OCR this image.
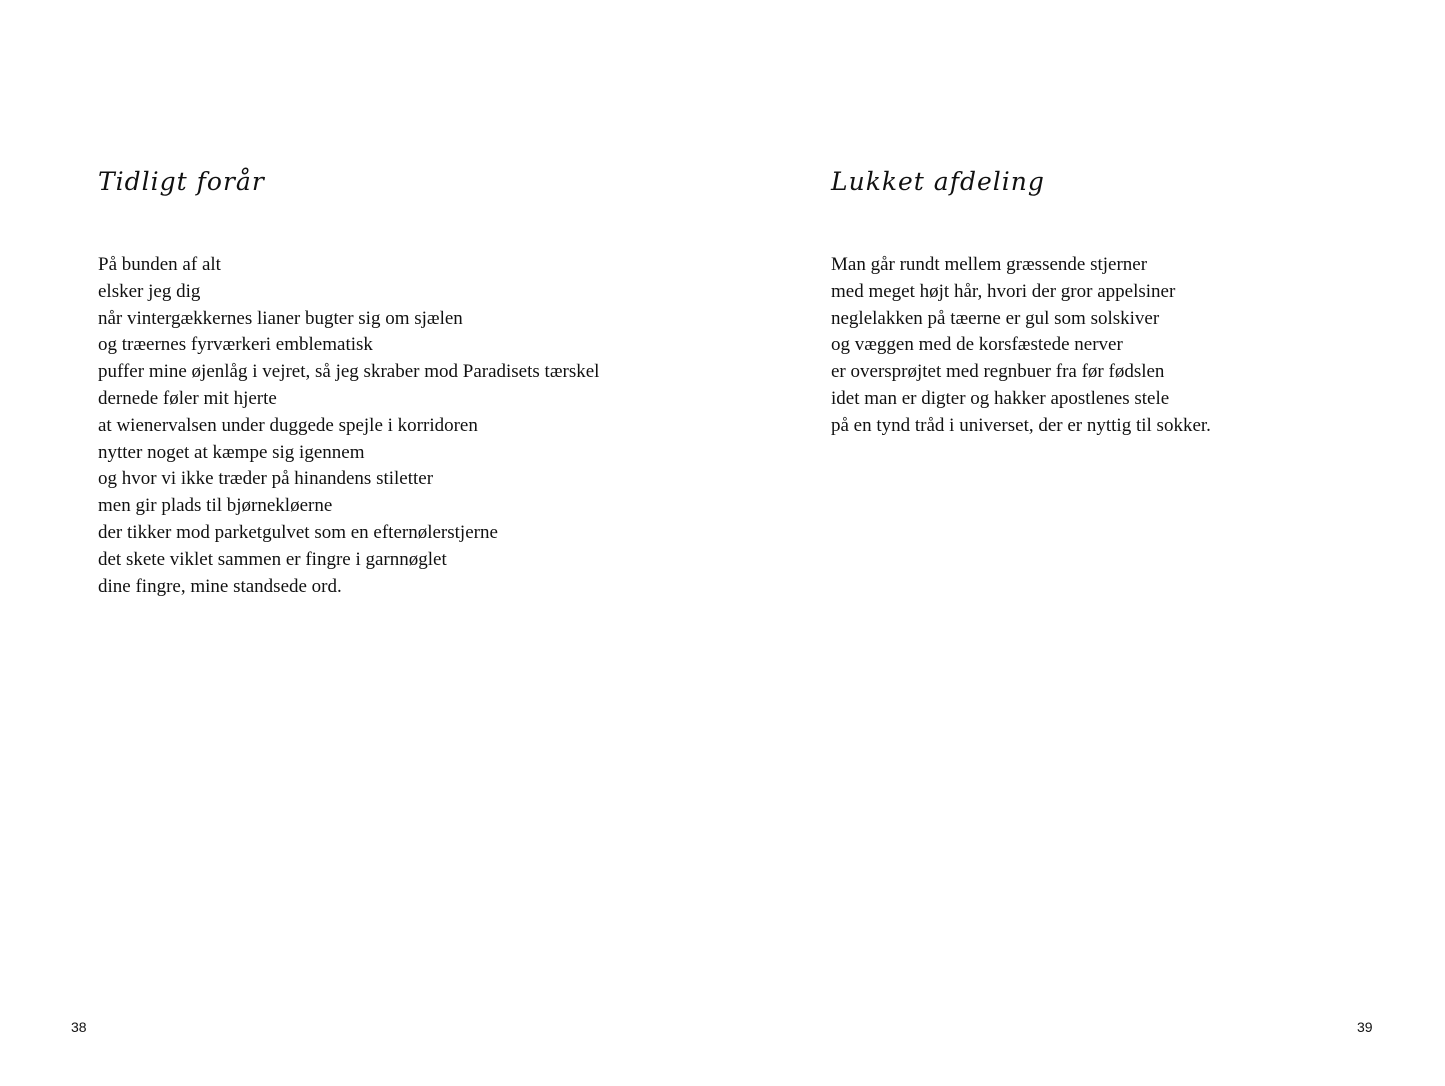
Tidligt forår
På bunden af alt
elsker jeg dig
når vintergækkernes lianer bugter sig om sjælen
og træernes fyrværkeri emblematisk
puffer mine øjenlåg i vejret, så jeg skraber mod Paradisets tærskel
dernede føler mit hjerte
at wienervalsen under duggede spejle i korridoren
nytter noget at kæmpe sig igennem
og hvor vi ikke træder på hinandens stiletter
men gir plads til bjørnekløerne
der tikker mod parketgulvet som en efternølerstjerne
det skete viklet sammen er fingre i garnnøglet
dine fingre, mine standsede ord.
38
Lukket afdeling
Man går rundt mellem græssende stjerner
med meget højt hår, hvori der gror appelsiner
neglelakken på tæerne er gul som solskiver
og væggen med de korsfæstede nerver
er oversprøjtet med regnbuer fra før fødslen
idet man er digter og hakker apostlenes stele
på en tynd tråd i universet, der er nyttig til sokker.
39
